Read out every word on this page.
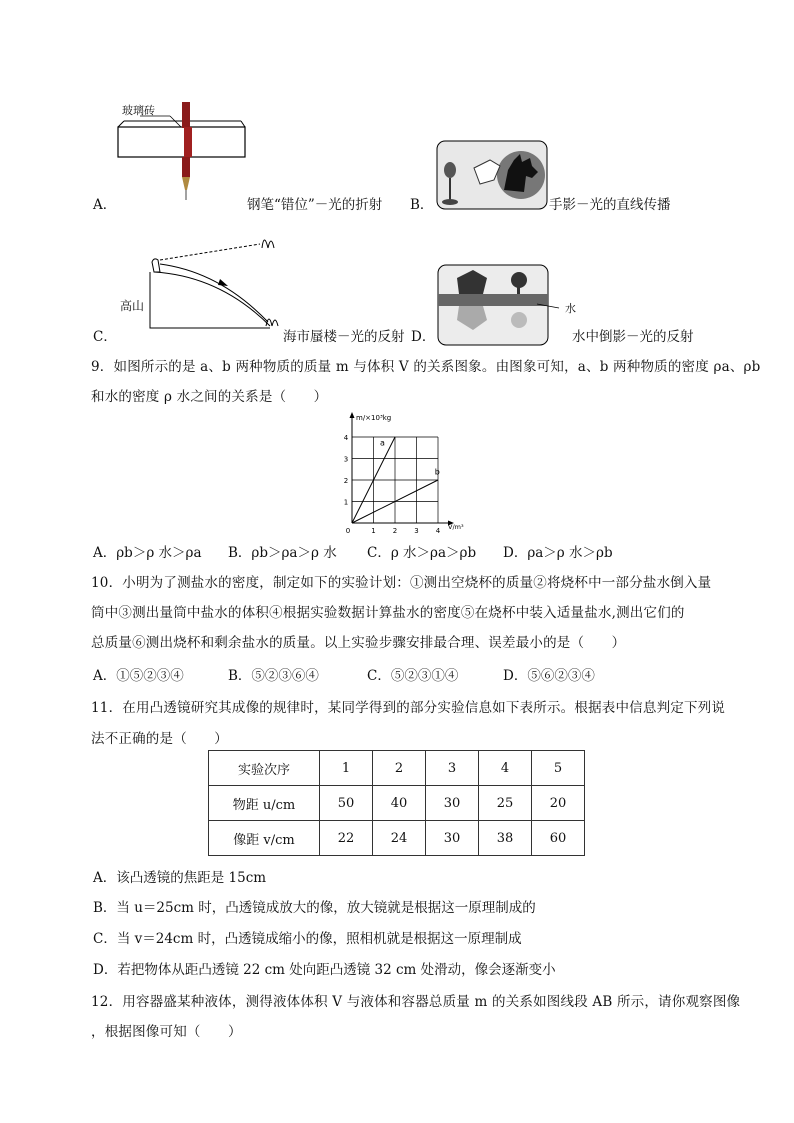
玻璃砖
A．	钢笔“错位”－光的折射 B．	手影－光的直线传播
高山
C．	海市蜃楼－光的反射 D．
水
水中倒影－光的反射
9．如图所示的是 a、b 两种物质的质量 m 与体积 V 的关系图象。由图象可知，a、b 两种物质的密度 ρa、ρb
和水的密度 ρ 水之间的关系是（　　）
0	1 2 3 4
1
2
3
4
m/×10³kg
V/m³
a
b
A．ρb＞ρ 水＞ρa B．ρb＞ρa＞ρ 水 C．ρ 水＞ρa＞ρb D．ρa＞ρ 水＞ρb
10．小明为了测盐水的密度，制定如下的实验计划：①测出空烧杯的质量②将烧杯中一部分盐水倒入量
筒中③测出量筒中盐水的体积④根据实验数据计算盐水的密度⑤在烧杯中装入适量盐水,测出它们的
总质量⑥测出烧杯和剩余盐水的质量。以上实验步骤安排最合理、误差最小的是（　　）
A．①⑤②③④	B．⑤②③⑥④	C．⑤②③①④	D．⑤⑥②③④
11．在用凸透镜研究其成像的规律时，某同学得到的部分实验信息如下表所示。根据表中信息判定下列说
法不正确的是（　　）
实验次序	1	2	3	4	5
物距 u/cm	50	40	30	25	20
像距 v/cm	22	24	30	38	60
A．该凸透镜的焦距是 15cm
B．当 u＝25cm 时，凸透镜成放大的像，放大镜就是根据这一原理制成的
C．当 v＝24cm 时，凸透镜成缩小的像，照相机就是根据这一原理制成
D．若把物体从距凸透镜 22 cm 处向距凸透镜 32 cm 处滑动，像会逐渐变小
12．用容器盛某种液体，测得液体体积 V 与液体和容器总质量 m 的关系如图线段 AB 所示，请你观察图像
，根据图像可知（　　）
